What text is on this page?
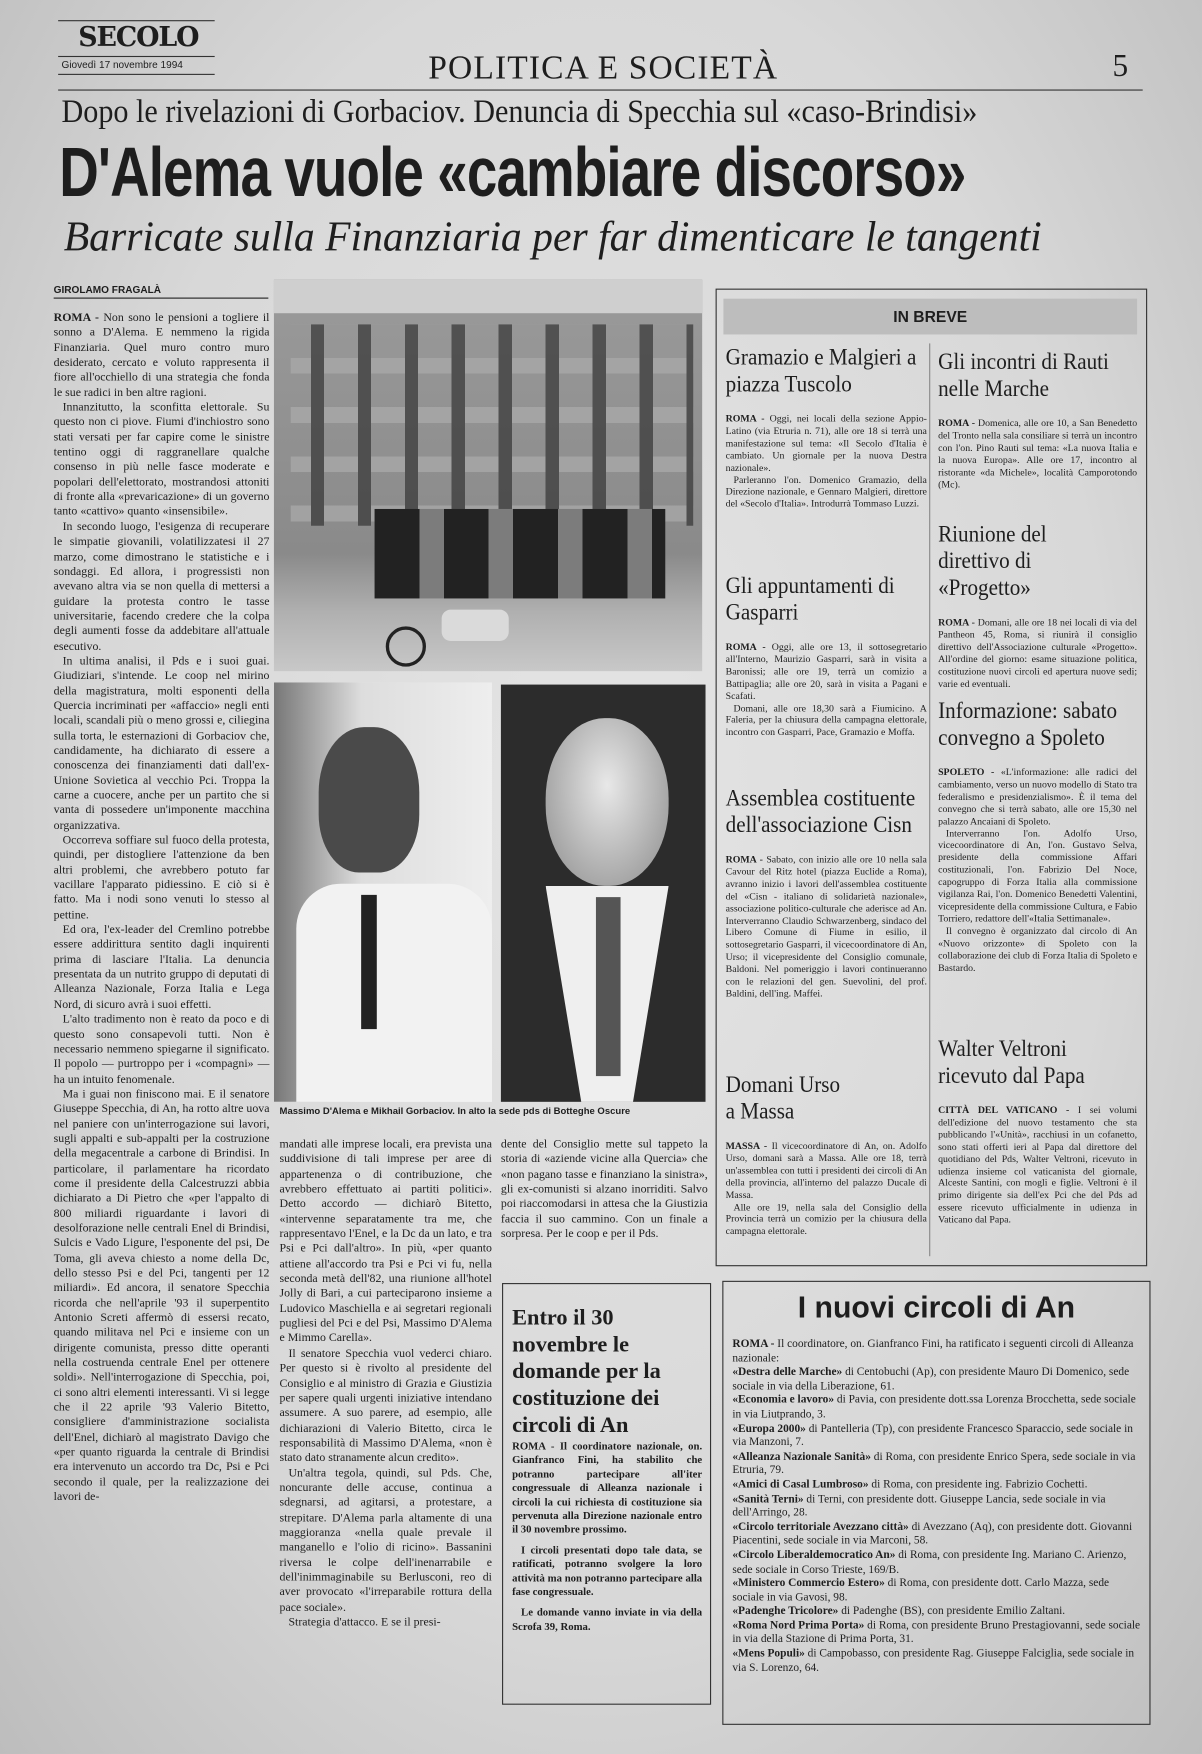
SECOLO
Giovedì 17 novembre 1994	POLITICA E SOCIETÀ	5
Dopo le rivelazioni di Gorbaciov. Denuncia di Specchia sul «caso-Brindisi»
D'Alema vuole «cambiare discorso»
Barricate sulla Finanziaria per far dimenticare le tangenti
GIROLAMO FRAGALÀ

ROMA - Non sono le pensioni a togliere il sonno a D'Alema. E nemmeno la rigida Finanziaria. Quel muro contro muro desiderato, cercato e voluto rappresenta il fiore all'occhiello di una strategia che fonda le sue radici in ben altre ragioni.

Innanzitutto, la sconfitta elettorale. Su questo non ci piove. Fiumi d'inchiostro sono stati versati per far capire come le sinistre tentino oggi di raggranellare qualche consenso in più nelle fasce moderate e popolari dell'elettorato, mostrandosi attoniti di fronte alla «prevaricazione» di un governo tanto «cattivo» quanto «insensibile».

In secondo luogo, l'esigenza di recuperare le simpatie giovanili, volatilizzatesi il 27 marzo, come dimostrano le statistiche e i sondaggi. Ed allora, i progressisti non avevano altra via se non quella di mettersi a guidare la protesta contro le tasse universitarie, facendo credere che la colpa degli aumenti fosse da addebitare all'attuale esecutivo.

In ultima analisi, il Pds e i suoi guai. Giudiziari, s'intende. Le coop nel mirino della magistratura, molti esponenti della Quercia incriminati per «affaccio» negli enti locali, scandali più o meno grossi e, ciliegina sulla torta, le esternazioni di Gorbaciov che, candidamente, ha dichiarato di essere a conoscenza dei finanziamenti dati dall'ex-Unione Sovietica al vecchio Pci. Troppa la carne a cuocere, anche per un partito che si vanta di possedere un'imponente macchina organizzativa.

Occorreva soffiare sul fuoco della protesta, quindi, per distogliere l'attenzione da ben altri problemi, che avrebbero potuto far vacillare l'apparato pidiessino. E ciò si è fatto. Ma i nodi sono venuti lo stesso al pettine.

Ed ora, l'ex-leader del Cremlino potrebbe essere addirittura sentito dagli inquirenti prima di lasciare l'Italia. La denuncia presentata da un nutrito gruppo di deputati di Alleanza Nazionale, Forza Italia e Lega Nord, di sicuro avrà i suoi effetti.

L'alto tradimento non è reato da poco e di questo sono consapevoli tutti. Non è necessario nemmeno spiegarne il significato. Il popolo — purtroppo per i «compagni» — ha un intuito fenomenale.

Ma i guai non finiscono mai. E il senatore Giuseppe Specchia, di An, ha rotto altre uova nel paniere con un'interrogazione sui lavori, sugli appalti e sub-appalti per la costruzione della megacentrale a carbone di Brindisi. In particolare, il parlamentare ha ricordato come il presidente della Calcestruzzi abbia dichiarato a Di Pietro che «per l'appalto di 800 miliardi riguardante i lavori di desolforazione nelle centrali Enel di Brindisi, Sulcis e Vado Ligure, l'esponente del psi, De Toma, gli aveva chiesto a nome della Dc, dello stesso Psi e del Pci, tangenti per 12 miliardi». Ed ancora, il senatore Specchia ricorda che nell'aprile '93 il superpentito Antonio Screti affermò di essersi recato, quando militava nel Pci e insieme con un dirigente comunista, presso ditte operanti nella costruenda centrale Enel per ottenere soldi». Nell'interrogazione di Specchia, poi, ci sono altri elementi interessanti. Vi si legge che il 22 aprile '93 Valerio Bitetto, consigliere d'amministrazione socialista dell'Enel, dichiarò al magistrato Davigo che «per quanto riguarda la centrale di Brindisi era intervenuto un accordo tra Dc, Psi e Pci secondo il quale, per la realizzazione dei lavori de-

Massimo D'Alema e Mikhail Gorbaciov. In alto la sede pds di Botteghe Oscure

mandati alle imprese locali, era prevista una suddivisione di tali imprese per aree di appartenenza o di contribuzione, che avrebbero effettuato ai partiti politici». Detto accordo — dichiarò Bitetto, «intervenne separatamente tra me, che rappresentavo l'Enel, e la Dc da un lato, e tra Psi e Pci dall'altro». In più, «per quanto attiene all'accordo tra Psi e Pci vi fu, nella seconda metà dell'82, una riunione all'hotel Jolly di Bari, a cui parteciparono insieme a Ludovico Maschiella e ai segretari regionali pugliesi del Pci e del Psi, Massimo D'Alema e Mimmo Carella».

Il senatore Specchia vuol vederci chiaro. Per questo si è rivolto al presidente del Consiglio e al ministro di Grazia e Giustizia per sapere quali urgenti iniziative intendano assumere. A suo parere, ad esempio, alle dichiarazioni di Valerio Bitetto, circa le responsabilità di Massimo D'Alema, «non è stato dato stranamente alcun credito».

Un'altra tegola, quindi, sul Pds. Che, noncurante delle accuse, continua a sdegnarsi, ad agitarsi, a protestare, a strepitare. D'Alema parla altamente di una maggioranza «nella quale prevale il manganello e l'olio di ricino». Bassanini riversa le colpe dell'inenarrabile e dell'inimmaginabile su Berlusconi, reo di aver provocato «l'irreparabile rottura della pace sociale».

Strategia d'attacco. E se il presi-

dente del Consiglio mette sul tappeto la storia di «aziende vicine alla Quercia» che «non pagano tasse e finanziano la sinistra», gli ex-comunisti si alzano inorriditi. Salvo poi riaccomodarsi in attesa che la Giustizia faccia il suo cammino. Con un finale a sorpresa. Per le coop e per il Pds.

Entro il 30 novembre le domande per la costituzione dei circoli di An

ROMA - Il coordinatore nazionale, on. Gianfranco Fini, ha stabilito che potranno partecipare all'iter congressuale di Alleanza nazionale i circoli la cui richiesta di costituzione sia pervenuta alla Direzione nazionale entro il 30 novembre prossimo.

I circoli presentati dopo tale data, se ratificati, potranno svolgere la loro attività ma non potranno partecipare alla fase congressuale.

Le domande vanno inviate in via della Scrofa 39, Roma.

IN BREVE
Gramazio e Malgieri a piazza Tuscolo

ROMA - Oggi, nei locali della sezione Appio-Latino (via Etruria n. 71), alle ore 18 si terrà una manifestazione sul tema: «Il Secolo d'Italia è cambiato. Un giornale per la nuova Destra nazionale».

Parleranno l'on. Domenico Gramazio, della Direzione nazionale, e Gennaro Malgieri, direttore del «Secolo d'Italia». Introdurrà Tommaso Luzzi.

Gli appuntamenti di Gasparri

ROMA - Oggi, alle ore 13, il sottosegretario all'Interno, Maurizio Gasparri, sarà in visita a Baronissi; alle ore 19, terrà un comizio a Battipaglia; alle ore 20, sarà in visita a Pagani e Scafati.

Domani, alle ore 18,30 sarà a Fiumicino. A Faleria, per la chiusura della campagna elettorale, incontro con Gasparri, Pace, Gramazio e Moffa.

Assemblea costituente dell'associazione Cisn

ROMA - Sabato, con inizio alle ore 10 nella sala Cavour del Ritz hotel (piazza Euclide a Roma), avranno inizio i lavori dell'assemblea costituente del «Cisn - italiano di solidarietà nazionale», associazione politico-culturale che aderisce ad An. Interverranno Claudio Schwarzenberg, sindaco del Libero Comune di Fiume in esilio, il sottosegretario Gasparri, il vicecoordinatore di An, Urso; il vicepresidente del Consiglio comunale, Baldoni. Nel pomeriggio i lavori continueranno con le relazioni del gen. Suevolini, del prof. Baldini, dell'ing. Maffei.

Domani Urso a Massa

MASSA - Il vicecoordinatore di An, on. Adolfo Urso, domani sarà a Massa. Alle ore 18, terrà un'assemblea con tutti i presidenti dei circoli di An della provincia, all'interno del palazzo Ducale di Massa.

Alle ore 19, nella sala del Consiglio della Provincia terrà un comizio per la chiusura della campagna elettorale.

Gli incontri di Rauti nelle Marche

ROMA - Domenica, alle ore 10, a San Benedetto del Tronto nella sala consiliare si terrà un incontro con l'on. Pino Rauti sul tema: «La nuova Italia e la nuova Europa». Alle ore 17, incontro al ristorante «da Michele», località Camporotondo (Mc).

Riunione del direttivo di «Progetto»

ROMA - Domani, alle ore 18 nei locali di via del Pantheon 45, Roma, si riunirà il consiglio direttivo dell'Associazione culturale «Progetto». All'ordine del giorno: esame situazione politica, costituzione nuovi circoli ed apertura nuove sedi; varie ed eventuali.

Informazione: sabato convegno a Spoleto

SPOLETO - «L'informazione: alle radici del cambiamento, verso un nuovo modello di Stato tra federalismo e presidenzialismo». È il tema del convegno che si terrà sabato, alle ore 15,30 nel palazzo Ancaiani di Spoleto.

Interverranno l'on. Adolfo Urso, vicecoordinatore di An, l'on. Gustavo Selva, presidente della commissione Affari costituzionali, l'on. Fabrizio Del Noce, capogruppo di Forza Italia alla commissione vigilanza Rai, l'on. Domenico Benedetti Valentini, vicepresidente della commissione Cultura, e Fabio Torriero, redattore dell'«Italia Settimanale».

Il convegno è organizzato dal circolo di An «Nuovo orizzonte» di Spoleto con la collaborazione dei club di Forza Italia di Spoleto e Bastardo.

Walter Veltroni ricevuto dal Papa

CITTÀ DEL VATICANO - I sei volumi dell'edizione del nuovo testamento che sta pubblicando l'«Unità», racchiusi in un cofanetto, sono stati offerti ieri al Papa dal direttore del quotidiano del Pds, Walter Veltroni, ricevuto in udienza insieme col vaticanista del giornale, Alceste Santini, con mogli e figlie. Veltroni è il primo dirigente sia dell'ex Pci che del Pds ad essere ricevuto ufficialmente in udienza in Vaticano dal Papa.

I nuovi circoli di An

ROMA - Il coordinatore, on. Gianfranco Fini, ha ratificato i seguenti circoli di Alleanza nazionale:

«Destra delle Marche» di Centobuchi (Ap), con presidente Mauro Di Domenico, sede sociale in via della Liberazione, 61.

«Economia e lavoro» di Pavia, con presidente dott.ssa Lorenza Brocchetta, sede sociale in via Liutprando, 3.

«Europa 2000» di Pantelleria (Tp), con presidente Francesco Sparaccio, sede sociale in via Manzoni, 7.

«Alleanza Nazionale Sanità» di Roma, con presidente Enrico Spera, sede sociale in via Etruria, 79.

«Amici di Casal Lumbroso» di Roma, con presidente ing. Fabrizio Cochetti.

«Sanità Terni» di Terni, con presidente dott. Giuseppe Lancia, sede sociale in via dell'Arringo, 28.

«Circolo territoriale Avezzano città» di Avezzano (Aq), con presidente dott. Giovanni Piacentini, sede sociale in via Marconi, 58.

«Circolo Liberaldemocratico An» di Roma, con presidente Ing. Mariano C. Arienzo, sede sociale in Corso Trieste, 169/B.

«Ministero Commercio Estero» di Roma, con presidente dott. Carlo Mazza, sede sociale in via Gavosi, 98.

«Padenghe Tricolore» di Padenghe (BS), con presidente Emilio Zaltani.

«Roma Nord Prima Porta» di Roma, con presidente Bruno Prestagiovanni, sede sociale in via della Stazione di Prima Porta, 31.

«Mens Populi» di Campobasso, con presidente Rag. Giuseppe Falciglia, sede sociale in via S. Lorenzo, 64.
